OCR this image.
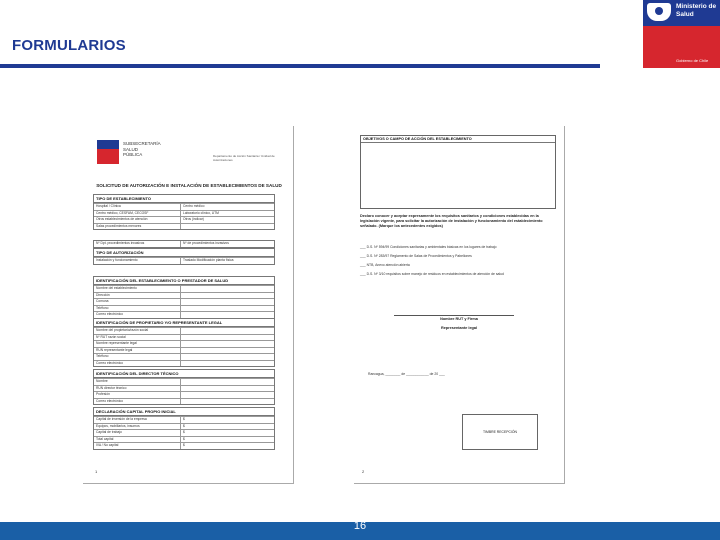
FORMULARIOS
Ministerio de
Salud
Gobierno de Chile
SUBSECRETARÍA
SALUD
PÚBLICA	Departamento de Acción Sanitaria / Unidad de Autorizaciones
SOLICITUD DE AUTORIZACIÓN E INSTALACIÓN DE ESTABLECIMIENTOS DE SALUD
TIPO DE ESTABLECIMIENTO
Hospital / Clínica	Centro médico
Centro médico, CESFAM, CECOSF	Laboratorio clínico, UTM
Otros establecimientos de atención	Otros (indicar)
Salas procedimientos menores
Nº Dpt. procedimientos invasivos	Nº de procedimientos invasivos
TIPO DE AUTORIZACIÓN
Instalación y funcionamiento	Traslado Modificación planta física
IDENTIFICACIÓN DEL ESTABLECIMIENTO O PRESTADOR DE SALUD
Nombre del establecimiento
Dirección
Comuna
Teléfono
Correo electrónico
IDENTIFICACIÓN DE PROPIETARIO Y/O REPRESENTANTE LEGAL
Nombre del propietario/razón social
Nº RUT razón social
Nombre representante legal
RUN representante legal
Teléfono
Correo electrónico
IDENTIFICACIÓN DEL DIRECTOR TÉCNICO
Nombre
RUN director técnico
Profesión
Correo electrónico
DECLARACIÓN CAPITAL PROPIO INICIAL
Capital de inversión de la empresa	$
Equipos, mobiliarios, insumos	$
Capital de trabajo	$
Total capital	$
IVA / No capital	$
1
OBJETIVOS O CAMPO DE ACCIÓN DEL ESTABLECIMIENTO
Declaro conocer y aceptar expresamente los requisitos sanitarios y condiciones establecidas en la legislación vigente, para solicitar la autorización de instalación y funcionamiento del establecimiento señalado. (Marque los antecedentes exigidos)
___ D.S. Nº 594/99 Condiciones sanitarias y ambientales básicas en los lugares de trabajo
___ D.S. Nº 283/97 Reglamento de Salas de Procedimientos y Pabellones
___ NTB, Anexo atención abierta
___ D.S. Nº 3/10 requisitos sobre manejo de residuos en establecimientos de atención de salud
Nombre RUT y Firma
Representante legal
Rancagua, ________ de ____________ de 20 ___
TIMBRE RECEPCIÓN
2
16
